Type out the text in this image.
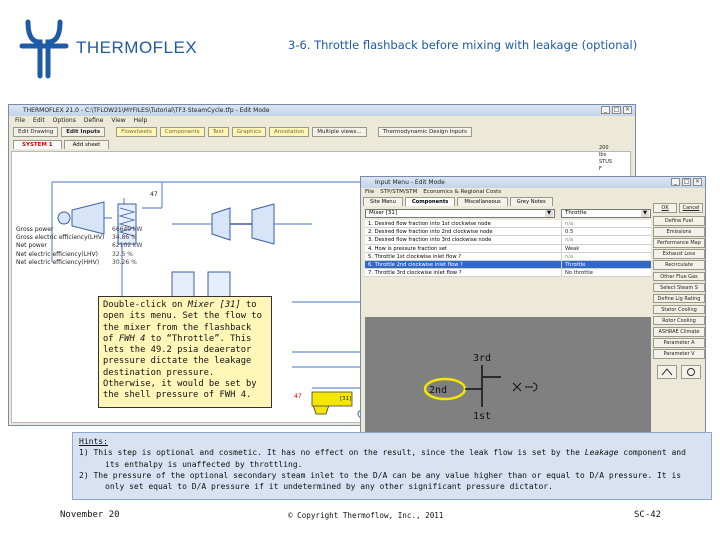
THERMOFLEX	3-6. Throttle flashback before mixing with leakage (optional)
THERMOFLEX 21.0 - C:\TFLOW21\MYFILES\Tutorial\TF3 SteamCycle.tfp - Edit Mode	_	□ ×
File Edit Options Define View Help
Edit Drawing	Edit Inputs	Flowsheets	Components	Text	Graphics	Annotation	Multiple views...	Thermodynamic Design Inputs
SYSTEM 1	Add sheet
47
[31]
47
Gross power	66649 kW
Gross electric efficiency(LHV)	34.86 %
Net power	62102 kW
Net electric efficiency(LHV)	32.5 %
Net electric efficiency(HHV)	30.26 %
200
lbs
STUS
F
Input Menu - Edit Mode	_	□ ×
File STP/STM/STM Economics & Regional Costs
Site Menu	Components	Miscellaneous	Grey Notes
Mixer [31]	▼	Throttle	▼
1. Desired flow fraction into 1st clockwise node	n/a
2. Desired flow fraction into 2nd clockwise node	0.5
3. Desired flow fraction into 3rd clockwise node	n/a
4. How is pressure fraction set	Weak
5. Throttle 1st clockwise inlet flow ?	n/a
6. Throttle 2nd clockwise inlet flow ?	Throttle
7. Throttle 3rd clockwise inlet flow ?	No throttle
3rd
1st
2nd
OK	Cancel
Define Fuel
Emissions
Performance Map
Exhaust Loss
Recirculate
Other Flue Gas
Select Steam S
Define Lig Rating
Stator Cooling
Rotor Cooling
ASHRAE Climate
Parameter A
Parameter V
Double-click on Mixer [31] to open its menu. Set the flow to the mixer from the flashback of FWH 4 to “Throttle”. This lets the 49.2 psia deaerator pressure dictate the leakage destination pressure. Otherwise, it would be set by the shell pressure of FWH 4.
Hints:
1) This step is optional and cosmetic. It has no effect on the result, since the leak flow is set by the Leakage component and its enthalpy is unaffected by throttling.
2) The pressure of the optional secondary steam inlet to the D/A can be any value higher than or equal to D/A pressure. It is only set equal to D/A pressure if it undetermined by any other significant pressure dictator.
November 20	© Copyright Thermoflow, Inc., 2011	SC-42
